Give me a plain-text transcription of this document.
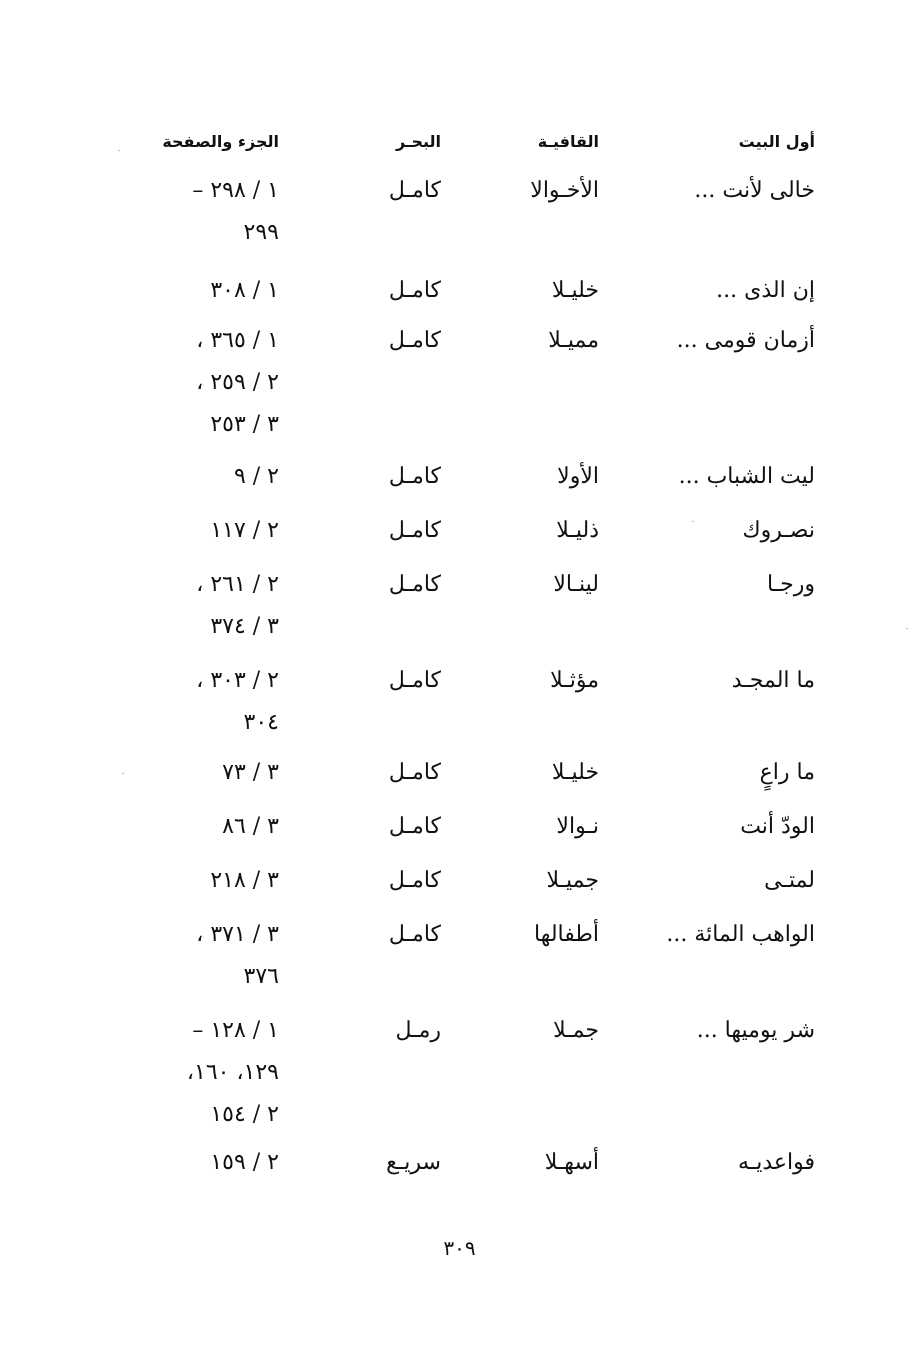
أول البيت
القافيـة
البحـر
الجزء والصفحة
خالى لأنت ...
الأخـوالا
كامـل
١ / ٢٩٨ –
٢٩٩
إن الذى ...
خليـلا
كامـل
١ / ٣٠٨
أزمان قومى ...
مميـلا
كامـل
١ / ٣٦٥ ،
٢ / ٢٥٩ ،
٣ / ٢٥٣
ليت الشباب ...
الأولا
كامـل
٢ / ٩
نصـروك
ذليـلا
كامـل
٢ / ١١٧
ورجـا
لينـالا
كامـل
٢ / ٢٦١ ،
٣ / ٣٧٤
ما المجـد
مؤثـلا
كامـل
٢ / ٣٠٣ ،
٣٠٤
ما راعٍ
خليـلا
كامـل
٣ / ٧٣
الودّ أنت
نـوالا
كامـل
٣ / ٨٦
لمتـى
جميـلا
كامـل
٣ / ٢١٨
الواهب المائة ...
أطفالها
كامـل
٣ / ٣٧١ ،
٣٧٦
شر يوميها ...
جمـلا
رمـل
١ / ١٢٨ –
١٢٩، ١٦٠،
٢ / ١٥٤
فواعديـه
أسهـلا
سريـع
٢ / ١٥٩
٣٠٩
